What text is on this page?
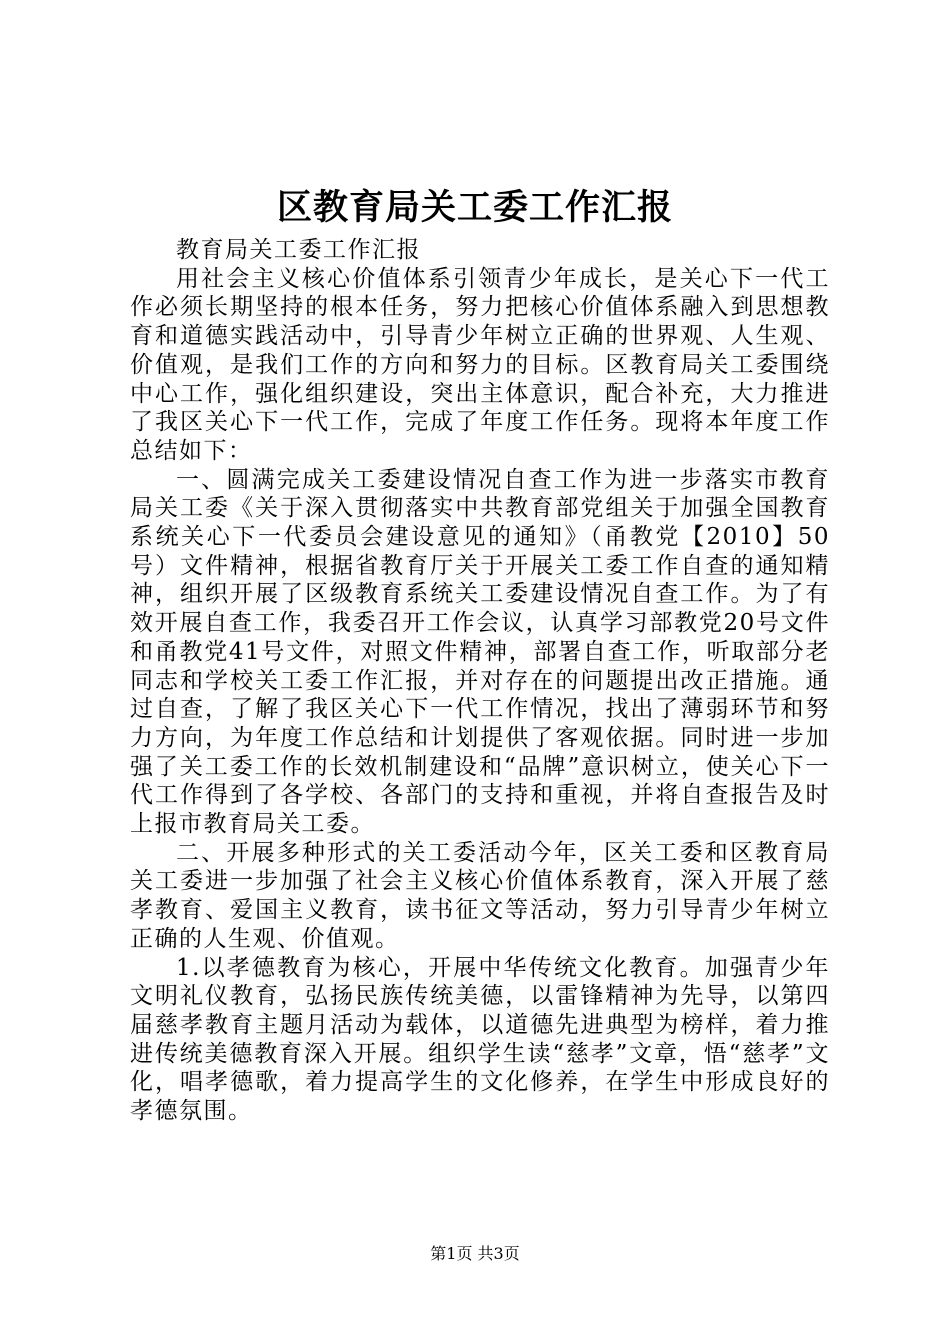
区教育局关工委工作汇报

教育局关工委工作汇报

用社会主义核心价值体系引领青少年成长，是关心下一代工作必须长期坚持的根本任务，努力把核心价值体系融入到思想教育和道德实践活动中，引导青少年树立正确的世界观、人生观、价值观，是我们工作的方向和努力的目标。区教育局关工委围绕中心工作，强化组织建设，突出主体意识，配合补充，大力推进了我区关心下一代工作，完成了年度工作任务。现将本年度工作总结如下：

一、圆满完成关工委建设情况自查工作为进一步落实市教育局关工委《关于深入贯彻落实中共教育部党组关于加强全国教育系统关心下一代委员会建设意见的通知》（甬教党【2010】50号）文件精神，根据省教育厅关于开展关工委工作自查的通知精神，组织开展了区级教育系统关工委建设情况自查工作。为了有效开展自查工作，我委召开工作会议，认真学习部教党20号文件和甬教党41号文件，对照文件精神，部署自查工作，听取部分老同志和学校关工委工作汇报，并对存在的问题提出改正措施。通过自查，了解了我区关心下一代工作情况，找出了薄弱环节和努力方向，为年度工作总结和计划提供了客观依据。同时进一步加强了关工委工作的长效机制建设和“品牌”意识树立，使关心下一代工作得到了各学校、各部门的支持和重视，并将自查报告及时上报市教育局关工委。

二、开展多种形式的关工委活动今年，区关工委和区教育局关工委进一步加强了社会主义核心价值体系教育，深入开展了慈孝教育、爱国主义教育，读书征文等活动，努力引导青少年树立正确的人生观、价值观。

1.以孝德教育为核心，开展中华传统文化教育。加强青少年文明礼仪教育，弘扬民族传统美德，以雷锋精神为先导，以第四届慈孝教育主题月活动为载体，以道德先进典型为榜样，着力推进传统美德教育深入开展。组织学生读“慈孝”文章，悟“慈孝”文化，唱孝德歌，着力提高学生的文化修养，在学生中形成良好的孝德氛围。

第1页 共3页
